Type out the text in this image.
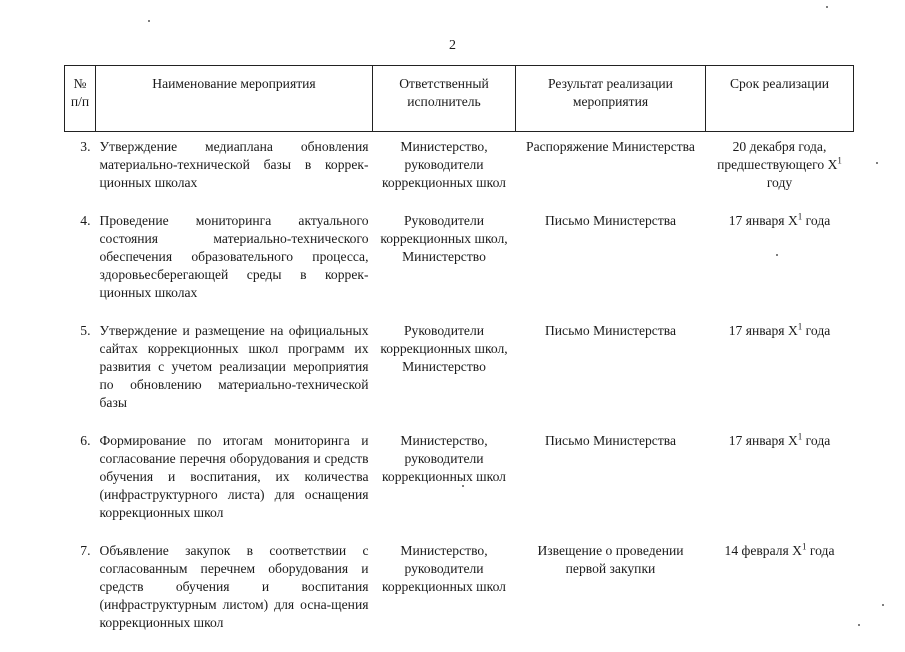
2
№ п/п	Наименование мероприятия	Ответственный исполнитель	Результат реализации мероприятия	Срок реализации
3.	Утверждение медиаплана обновления материально-технической базы в коррек-ционных школах	Министерство, руководители коррекционных школ	Распоряжение Министерства	20 декабря года, предшествующего $X^1$ году
4.	Проведение мониторинга актуального состояния материально-технического обеспечения образовательного процесса, здоровьесберегающей среды в коррек-ционных школах	Руководители коррекционных школ, Министерство	Письмо Министерства	17 января $X^1$ года
5.	Утверждение и размещение на официальных сайтах коррекционных школ программ их развития с учетом реализации мероприятия по обновлению материально-технической базы	Руководители коррекционных школ, Министерство	Письмо Министерства	17 января $X^1$ года
6.	Формирование по итогам мониторинга и согласование перечня оборудования и средств обучения и воспитания, их количества (инфраструктурного листа) для оснащения коррекционных школ	Министерство, руководители коррекционных школ	Письмо Министерства	17 января $X^1$ года
7.	Объявление закупок в соответствии с согласованным перечнем оборудования и средств обучения и воспитания (инфраструктурным листом) для осна-щения коррекционных школ	Министерство, руководители коррекционных школ	Извещение о проведении первой закупки	14 февраля $X^1$ года
